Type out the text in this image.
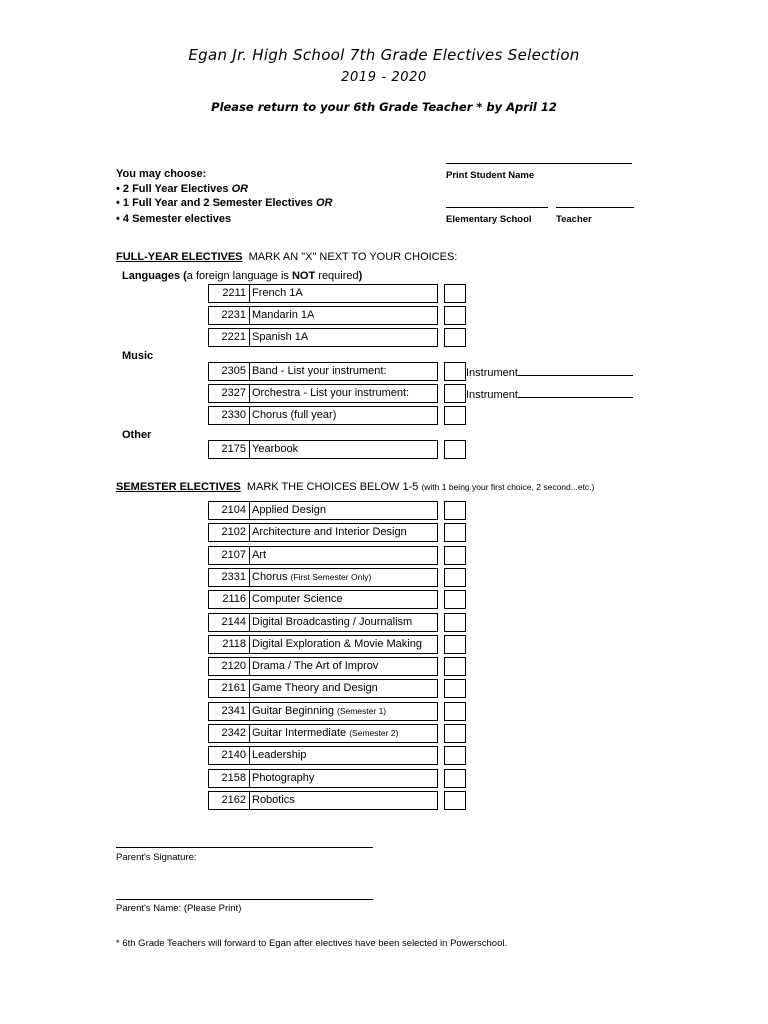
Egan Jr. High School 7th Grade Electives Selection
2019 - 2020
Please return to your 6th Grade Teacher * by April 12
You may choose:
• 2 Full Year Electives OR
• 1 Full Year and 2 Semester Electives OR
• 4 Semester electives
Print Student Name
Elementary School	Teacher
FULL-YEAR ELECTIVES MARK AN "X" NEXT TO YOUR CHOICES:
Languages (a foreign language is NOT required)
2211 French 1A
2231 Mandarin 1A
2221 Spanish 1A
Music
2305 Band - List your instrument:	Instrument
2327 Orchestra - List your instrument:	Instrument
2330 Chorus (full year)
Other
2175 Yearbook
SEMESTER ELECTIVES MARK THE CHOICES BELOW 1-5 (with 1 being your first choice, 2 second...etc.)
2104 Applied Design
2102 Architecture and Interior Design
2107 Art
2331 Chorus (First Semester Only)
2116 Computer Science
2144 Digital Broadcasting / Journalism
2118 Digital Exploration & Movie Making
2120 Drama / The Art of Improv
2161 Game Theory and Design
2341 Guitar Beginning (Semester 1)
2342 Guitar Intermediate (Semester 2)
2140 Leadership
2158 Photography
2162 Robotics
Parent's Signature:
Parent's Name: (Please Print)
* 6th Grade Teachers will forward to Egan after electives have been selected in Powerschool.
